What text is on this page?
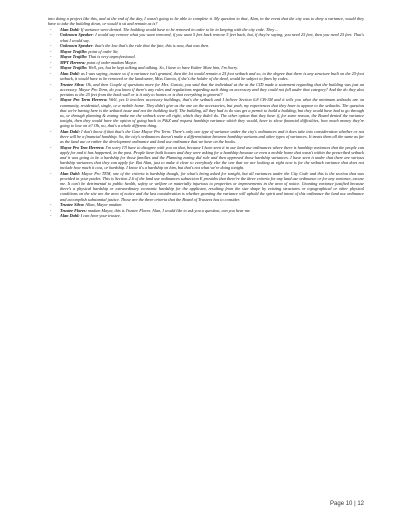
into doing a project like this, and at the end of the day, I wasn't going to be able to complete it. My question to that, Alan, in the event that the city was to deny a variance, would they have to take the building down, or would it sit and remain as is?

- Alan Dahl: If variance were denied. The building would have to be removed in order to be in keeping with the city code. They ...

- Unknown Speaker: I would say remove what you want removed, if you want 5 feet back remove 5 feet back, but, if they're saying, you need 25 feet, then you need 25 feet. That's what I would say.

- Unknown Speaker: that's the law that's the rule that the fate, this is now, that was then.

- Mayor Trujillo: point of order Sir,

- Mayor Trujillo: That is very unprofessional.

- MPT Herrera: point of order madam Mayor.

- Mayor Trujillo: Well, yes, but he kept talking and talking. So, I have to have Esther Mute him, I'm Sorry.

- Alan Dahl: as I was saying, trustee so if a variance isn't granted, then the lot would remain a 25 foot setback and so, to the degree that there is any structure built on the 25-foot setback, it would have to be removed or the landowner, Miss Garcia, if she's the holder of the deed, would be subject to fines by codes.

- Trustee Silva: Ok, and then Couple of questions more for Mrs. Garcia, you said that the individual at the at the CID made a statement regarding that the building was just an accessory. Mayor Pro Term, do you know if there's any rules and regulations regarding such thing as accessory and they could not fall under that category? And the do they also pertains to the 25 feet from the back wall or is it only to homes or is that everything in general?

- Mayor Pro Term Herrera: Well, yes It involves accessory buildings, that's the setback and I believe Section 6.8 CB-1M and it tells you what the minimum setbacks are on community, residential, single, or a mobile home. They didn't give us the one on the accessories, but yeah, my experiences that they have to appear to the setbacks. The question that we're having here is the setback issue and not the building itself. The building, all they had to do was get a permit to build a building, but they would have had to go through us, or through planning & zoning make me the setback were all right, which they didn't do. The other option that they have if, for some reason, the Board denied the variance tonight, then they would have the option of going back to P&Z and request hardship variance which they would, have to show financial difficulties, how much money they're going to lose on it? Oh, no, that's a whole different thing.

- Alan Dahl: I don't know if that that's the Case Mayor Pro Term. There's only one type of variance under the city's ordinances and it does take into consideration whether or not there will be a financial hardship. So, the city's ordinances doesn't make a differentiation between hardship variants and other types of variances. It treats them all the same as far as the land use or rather the development ordinance and land use ordinance that we have on the books.

- Mayor Pro Tem Herrera: I'm sorry I'll have to disagree with you on that, because I have seen it in our land use ordinances where there is hardship variances that the people can apply for and it has happened, in the past. People have built houses and they were asking for a hardship because or even a mobile home that wasn't within the prescribed setback and it was going to be a hardship for those families and the Planning zoning did rule and then approved those hardship variances. I have seen it under that there are various hardship variances that they can apply for. But Alan, just to make it clear to everybody else the one that we are looking at right now is for the setback variance that does not include how much it cost, or hardship. I know it's a hardship on him, but that's not what we're doing tonight.

- Alan Dahl: Mayor Pro TEM, one of the criteria is hardship though, for what's being asked for tonight, but all variances under the City Code and this is the section that was provided in your packet. This is Section 2.6 of the land use ordinances subsection E provides that there're the three criteria for any land use ordinance or for any variance, excuse me. It can't be detrimental to public health, safety or welfare or materially injurious to properties or improvements in the area of notice. Granting variance justified because there's a physical hardship or extraordinary economic hardship for the applicant, resulting from the size shape by existing structures or topographical or other physical conditions on the site are the area of notice and the last consideration is whether granting the variance will uphold the spirit and intent of this ordinance the land use ordinance and accomplish substantial justice. Those are the three criteria that the Board of Trustees has to consider.

- Trustee Silva: Allan, Mayor madam

- Trustee Flores: madam Mayor, this is Trustee Flores. Alan, I would like to ask you a question, can you hear me.

- Alan Dahl: I can hear your trustee.

Page 10 | 12
